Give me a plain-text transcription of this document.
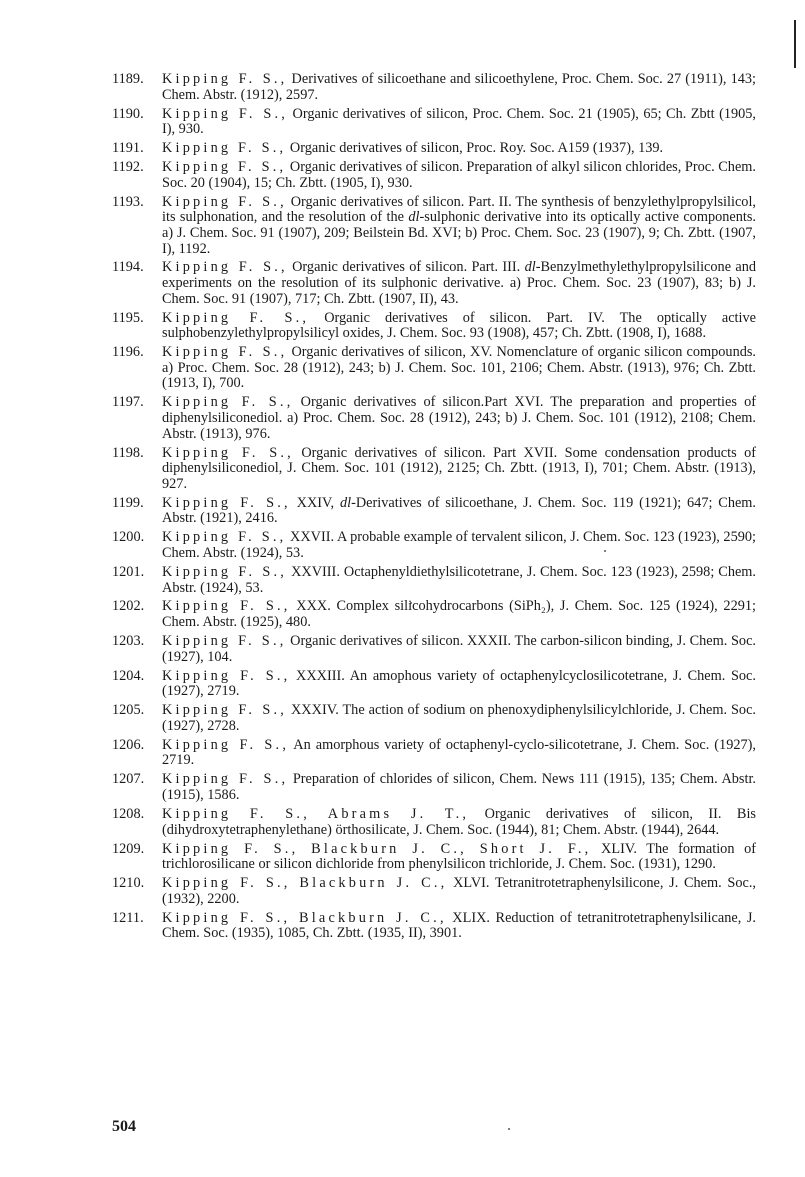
1189.	Kipping F. S., Derivatives of silicoethane and silicoethylene, Proc. Chem. Soc. 27 (1911), 143; Chem. Abstr. (1912), 2597.
1190.	Kipping F. S., Organic derivatives of silicon, Proc. Chem. Soc. 21 (1905), 65; Ch. Zbtt (1905, I), 930.
1191.	Kipping F. S., Organic derivatives of silicon, Proc. Roy. Soc. A159 (1937), 139.
1192.	Kipping F. S., Organic derivatives of silicon. Preparation of alkyl silicon chlorides, Proc. Chem. Soc. 20 (1904), 15; Ch. Zbtt. (1905, I), 930.
1193.	Kipping F. S., Organic derivatives of silicon. Part. II. The synthesis of benzylethylpropylsilicol, its sulphonation, and the resolution of the dl-sulphonic derivative into its optically active components. a) J. Chem. Soc. 91 (1907), 209; Beilstein Bd. XVI; b) Proc. Chem. Soc. 23 (1907), 9; Ch. Zbtt. (1907, I), 1192.
1194.	Kipping F. S., Organic derivatives of silicon. Part. III. dl-Benzylmethylethylpropylsilicone and experiments on the resolution of its sulphonic derivative. a) Proc. Chem. Soc. 23 (1907), 83; b) J. Chem. Soc. 91 (1907), 717; Ch. Zbtt. (1907, II), 43.
1195.	Kipping F. S., Organic derivatives of silicon. Part. IV. The optically active sulphobenzylethylpropylsilicyl oxides, J. Chem. Soc. 93 (1908), 457; Ch. Zbtt. (1908, I), 1688.
1196.	Kipping F. S., Organic derivatives of silicon, XV. Nomenclature of organic silicon compounds. a) Proc. Chem. Soc. 28 (1912), 243; b) J. Chem. Soc. 101, 2106; Chem. Abstr. (1913), 976; Ch. Zbtt. (1913, I), 700.
1197.	Kipping F. S., Organic derivatives of silicon.Part XVI. The preparation and properties of diphenylsiliconediol. a) Proc. Chem. Soc. 28 (1912), 243; b) J. Chem. Soc. 101 (1912), 2108; Chem. Abstr. (1913), 976.
1198.	Kipping F. S., Organic derivatives of silicon. Part XVII. Some condensation products of diphenylsiliconediol, J. Chem. Soc. 101 (1912), 2125; Ch. Zbtt. (1913, I), 701; Chem. Abstr. (1913), 927.
1199.	Kipping F. S., XXIV, dl-Derivatives of silicoethane, J. Chem. Soc. 119 (1921); 647; Chem. Abstr. (1921), 2416.
1200.	Kipping F. S., XXVII. A probable example of tervalent silicon, J. Chem. Soc. 123 (1923), 2590; Chem. Abstr. (1924), 53.
1201.	Kipping F. S., XXVIII. Octaphenyldiethylsilicotetrane, J. Chem. Soc. 123 (1923), 2598; Chem. Abstr. (1924), 53.
1202.	Kipping F. S., XXX. Complex silicohydrocarbons (SiPh₂), J. Chem. Soc. 125 (1924), 2291; Chem. Abstr. (1925), 480.
1203.	Kipping F. S., Organic derivatives of silicon. XXXII. The carbon-silicon binding, J. Chem. Soc. (1927), 104.
1204.	Kipping F. S., XXXIII. An amophous variety of octaphenylcyclosilicotetrane, J. Chem. Soc. (1927), 2719.
1205.	Kipping F. S., XXXIV. The action of sodium on phenoxydiphenylsilicylchloride, J. Chem. Soc. (1927), 2728.
1206.	Kipping F. S., An amorphous variety of octaphenyl-cyclo-silicotetrane, J. Chem. Soc. (1927), 2719.
1207.	Kipping F. S., Preparation of chlorides of silicon, Chem. News 111 (1915), 135; Chem. Abstr. (1915), 1586.
1208.	Kipping F. S., Abrams J. T., Organic derivatives of silicon, II. Bis (dihydroxytetraphenylethane) örthosilicate, J. Chem. Soc. (1944), 81; Chem. Abstr. (1944), 2644.
1209.	Kipping F. S., Blackburn J. C., Short J. F., XLIV. The formation of trichlorosilicane or silicon dichloride from phenylsilicon trichloride, J. Chem. Soc. (1931), 1290.
1210.	Kipping F. S., Blackburn J. C., XLVI. Tetranitrotetraphenylsilicone, J. Chem. Soc., (1932), 2200.
1211.	Kipping F. S., Blackburn J. C., XLIX. Reduction of tetranitrotetraphenylsilicane, J. Chem. Soc. (1935), 1085, Ch. Zbtt. (1935, II), 3901.
504
